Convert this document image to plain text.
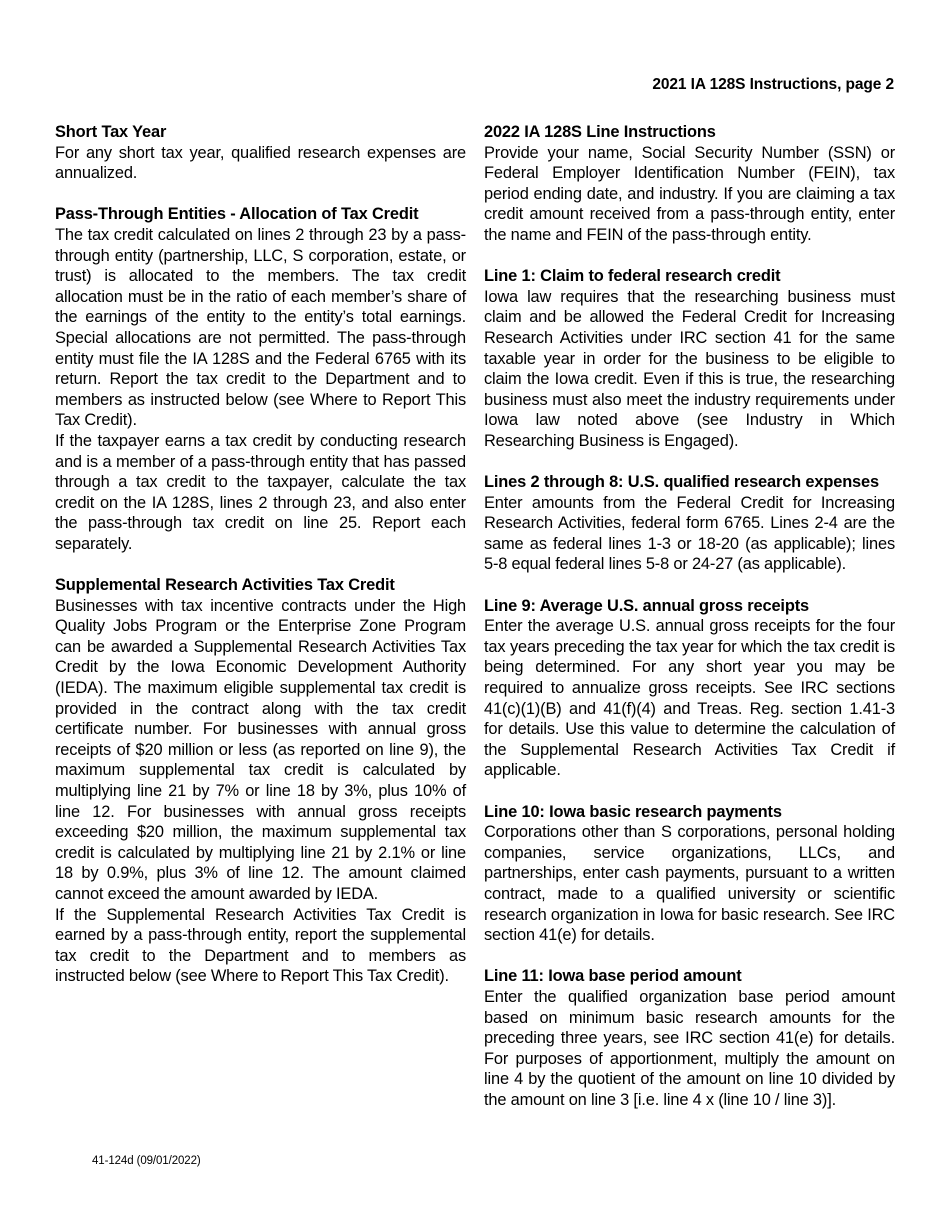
2021 IA 128S Instructions, page 2
Short Tax Year

For any short tax year, qualified research expenses are annualized.

Pass-Through Entities - Allocation of Tax Credit

The tax credit calculated on lines 2 through 23 by a pass-through entity (partnership, LLC, S corporation, estate, or trust) is allocated to the members. The tax credit allocation must be in the ratio of each member’s share of the earnings of the entity to the entity’s total earnings. Special allocations are not permitted. The pass-through entity must file the IA 128S and the Federal 6765 with its return. Report the tax credit to the Department and to members as instructed below (see Where to Report This Tax Credit).

If the taxpayer earns a tax credit by conducting research and is a member of a pass-through entity that has passed through a tax credit to the taxpayer, calculate the tax credit on the IA 128S, lines 2 through 23, and also enter the pass-through tax credit on line 25. Report each separately.

Supplemental Research Activities Tax Credit

Businesses with tax incentive contracts under the High Quality Jobs Program or the Enterprise Zone Program can be awarded a Supplemental Research Activities Tax Credit by the Iowa Economic Development Authority (IEDA). The maximum eligible supplemental tax credit is provided in the contract along with the tax credit certificate number. For businesses with annual gross receipts of $20 million or less (as reported on line 9), the maximum supplemental tax credit is calculated by multiplying line 21 by 7% or line 18 by 3%, plus 10% of line 12. For businesses with annual gross receipts exceeding $20 million, the maximum supplemental tax credit is calculated by multiplying line 21 by 2.1% or line 18 by 0.9%, plus 3% of line 12. The amount claimed cannot exceed the amount awarded by IEDA.

If the Supplemental Research Activities Tax Credit is earned by a pass-through entity, report the supplemental tax credit to the Department and to members as instructed below (see Where to Report This Tax Credit).

2022 IA 128S Line Instructions

Provide your name, Social Security Number (SSN) or Federal Employer Identification Number (FEIN), tax period ending date, and industry. If you are claiming a tax credit amount received from a pass-through entity, enter the name and FEIN of the pass-through entity.

Line 1: Claim to federal research credit

Iowa law requires that the researching business must claim and be allowed the Federal Credit for Increasing Research Activities under IRC section 41 for the same taxable year in order for the business to be eligible to claim the Iowa credit. Even if this is true, the researching business must also meet the industry requirements under Iowa law noted above (see Industry in Which Researching Business is Engaged).

Lines 2 through 8: U.S. qualified research expenses

Enter amounts from the Federal Credit for Increasing Research Activities, federal form 6765. Lines 2-4 are the same as federal lines 1-3 or 18-20 (as applicable); lines 5-8 equal federal lines 5-8 or 24-27 (as applicable).

Line 9: Average U.S. annual gross receipts

Enter the average U.S. annual gross receipts for the four tax years preceding the tax year for which the tax credit is being determined. For any short year you may be required to annualize gross receipts. See IRC sections 41(c)(1)(B) and 41(f)(4) and Treas. Reg. section 1.41-3 for details. Use this value to determine the calculation of the Supplemental Research Activities Tax Credit if applicable.

Line 10: Iowa basic research payments

Corporations other than S corporations, personal holding companies, service organizations, LLCs, and partnerships, enter cash payments, pursuant to a written contract, made to a qualified university or scientific research organization in Iowa for basic research. See IRC section 41(e) for details.

Line 11: Iowa base period amount

Enter the qualified organization base period amount based on minimum basic research amounts for the preceding three years, see IRC section 41(e) for details. For purposes of apportionment, multiply the amount on line 4 by the quotient of the amount on line 10 divided by the amount on line 3 [i.e. line 4 x (line 10 / line 3)].

41-124d (09/01/2022)
